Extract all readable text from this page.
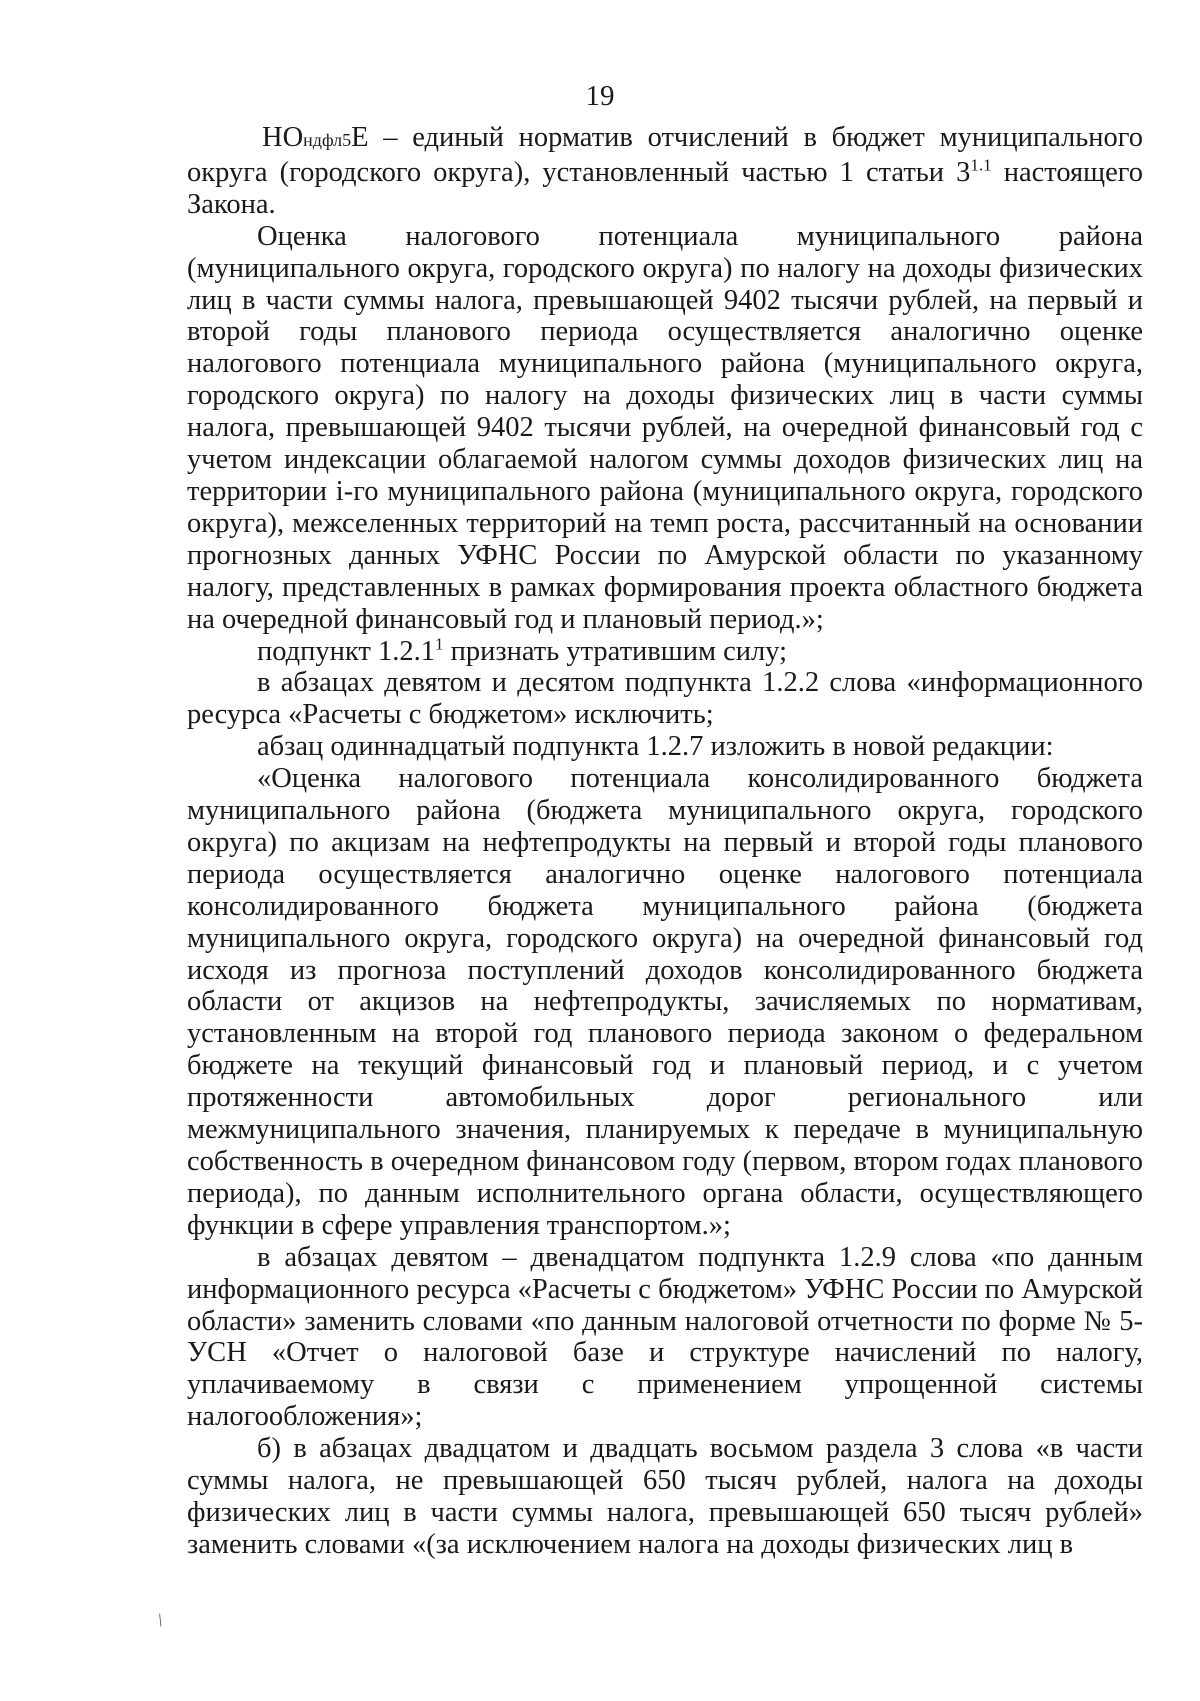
19

НОндфл5Е – единый норматив отчислений в бюджет муниципального округа (городского округа), установленный частью 1 статьи $3^{1.1}$ настоящего Закона.

Оценка налогового потенциала муниципального района (муниципального округа, городского округа) по налогу на доходы физических лиц в части суммы налога, превышающей 9402 тысячи рублей, на первый и второй годы планового периода осуществляется аналогично оценке налогового потенциала муниципального района (муниципального округа, городского округа) по налогу на доходы физических лиц в части суммы налога, превышающей 9402 тысячи рублей, на очередной финансовый год с учетом индексации облагаемой налогом суммы доходов физических лиц на территории i-го муниципального района (муниципального округа, городского округа), межселенных территорий на темп роста, рассчитанный на основании прогнозных данных УФНС России по Амурской области по указанному налогу, представленных в рамках формирования проекта областного бюджета на очередной финансовый год и плановый период.»;

подпункт 1.2.1$^1$ признать утратившим силу;

в абзацах девятом и десятом подпункта 1.2.2 слова «информационного ресурса «Расчеты с бюджетом» исключить;

абзац одиннадцатый подпункта 1.2.7 изложить в новой редакции:

«Оценка налогового потенциала консолидированного бюджета муниципального района (бюджета муниципального округа, городского округа) по акцизам на нефтепродукты на первый и второй годы планового периода осуществляется аналогично оценке налогового потенциала консолидированного бюджета муниципального района (бюджета муниципального округа, городского округа) на очередной финансовый год исходя из прогноза поступлений доходов консолидированного бюджета области от акцизов на нефтепродукты, зачисляемых по нормативам, установленным на второй год планового периода законом о федеральном бюджете на текущий финансовый год и плановый период, и с учетом протяженности автомобильных дорог регионального или межмуниципального значения, планируемых к передаче в муниципальную собственность в очередном финансовом году (первом, втором годах планового периода), по данным исполнительного органа области, осуществляющего функции в сфере управления транспортом.»;

в абзацах девятом – двенадцатом подпункта 1.2.9 слова «по данным информационного ресурса «Расчеты с бюджетом» УФНС России по Амурской области» заменить словами «по данным налоговой отчетности по форме № 5-УСН «Отчет о налоговой базе и структуре начислений по налогу, уплачиваемому в связи с применением упрощенной системы налогообложения»;

б) в абзацах двадцатом и двадцать восьмом раздела 3 слова «в части суммы налога, не превышающей 650 тысяч рублей, налога на доходы физических лиц в части суммы налога, превышающей 650 тысяч рублей» заменить словами «(за исключением налога на доходы физических лиц в

/
